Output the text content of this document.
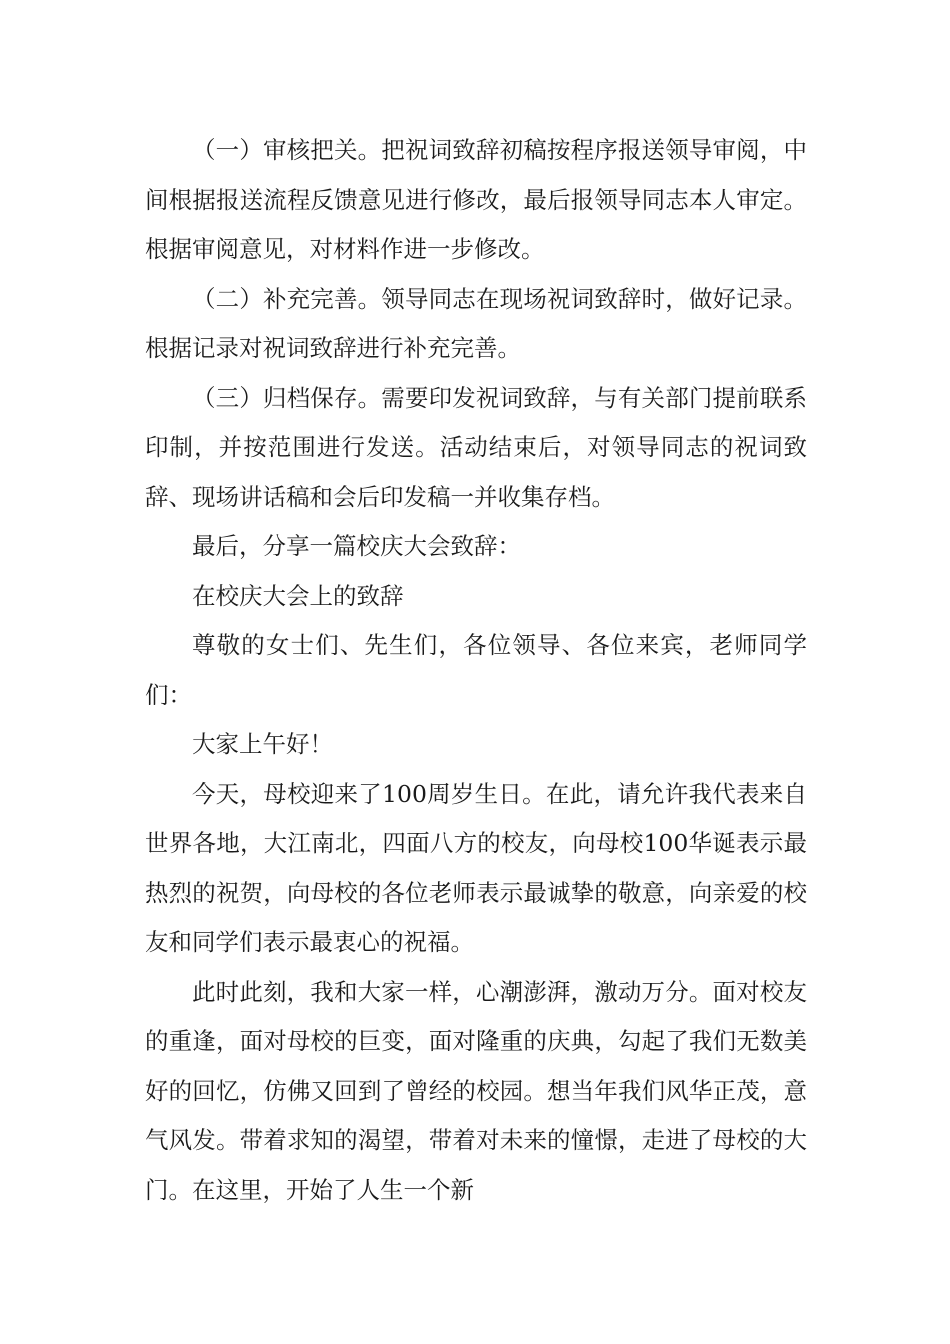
（一）审核把关。把祝词致辞初稿按程序报送领导审阅，中间根据报送流程反馈意见进行修改，最后报领导同志本人审定。根据审阅意见，对材料作进一步修改。

（二）补充完善。领导同志在现场祝词致辞时，做好记录。根据记录对祝词致辞进行补充完善。

（三）归档保存。需要印发祝词致辞，与有关部门提前联系印制，并按范围进行发送。活动结束后，对领导同志的祝词致辞、现场讲话稿和会后印发稿一并收集存档。

最后，分享一篇校庆大会致辞：

在校庆大会上的致辞

尊敬的女士们、先生们，各位领导、各位来宾，老师同学们：

大家上午好！

今天，母校迎来了100周岁生日。在此，请允许我代表来自世界各地，大江南北，四面八方的校友，向母校100华诞表示最热烈的祝贺，向母校的各位老师表示最诚挚的敬意，向亲爱的校友和同学们表示最衷心的祝福。

此时此刻，我和大家一样，心潮澎湃，激动万分。面对校友的重逢，面对母校的巨变，面对隆重的庆典，勾起了我们无数美好的回忆，仿佛又回到了曾经的校园。想当年我们风华正茂，意气风发。带着求知的渴望，带着对未来的憧憬，走进了母校的大门。在这里，开始了人生一个新
